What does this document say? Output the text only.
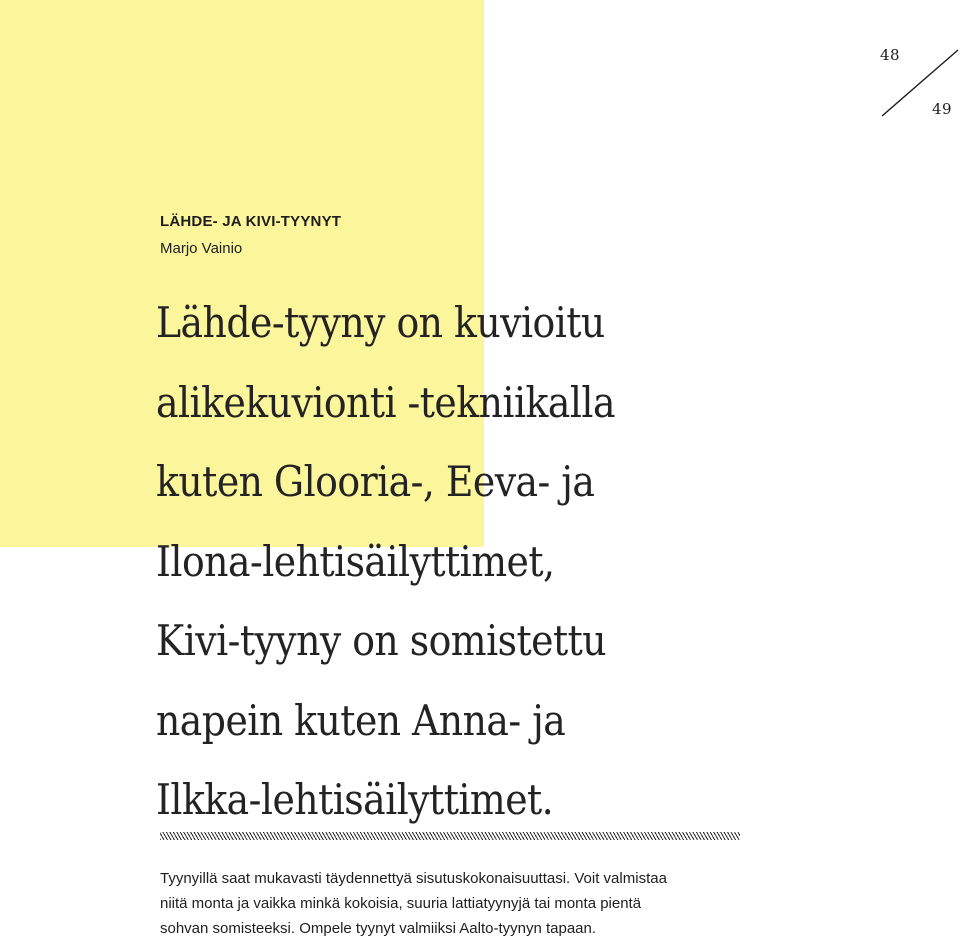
48
49
LÄHDE- JA KIVI-TYYNYT
Marjo Vainio
Lähde-tyyny on kuvioitu
alikekuvionti -tekniikalla
kuten Glooria-, Eeva- ja
Ilona-lehtisäilyttimet,
Kivi-tyyny on somistettu
napein kuten Anna- ja
Ilkka-lehtisäilyttimet.

Tyynyillä saat mukavasti täydennettyä sisutuskokonaisuuttasi. Voit valmistaa
niitä monta ja vaikka minkä kokoisia, suuria lattiatyynyjä tai monta pientä
sohvan somisteeksi. Ompele tyynyt valmiiksi Aalto-tyynyn tapaan.
